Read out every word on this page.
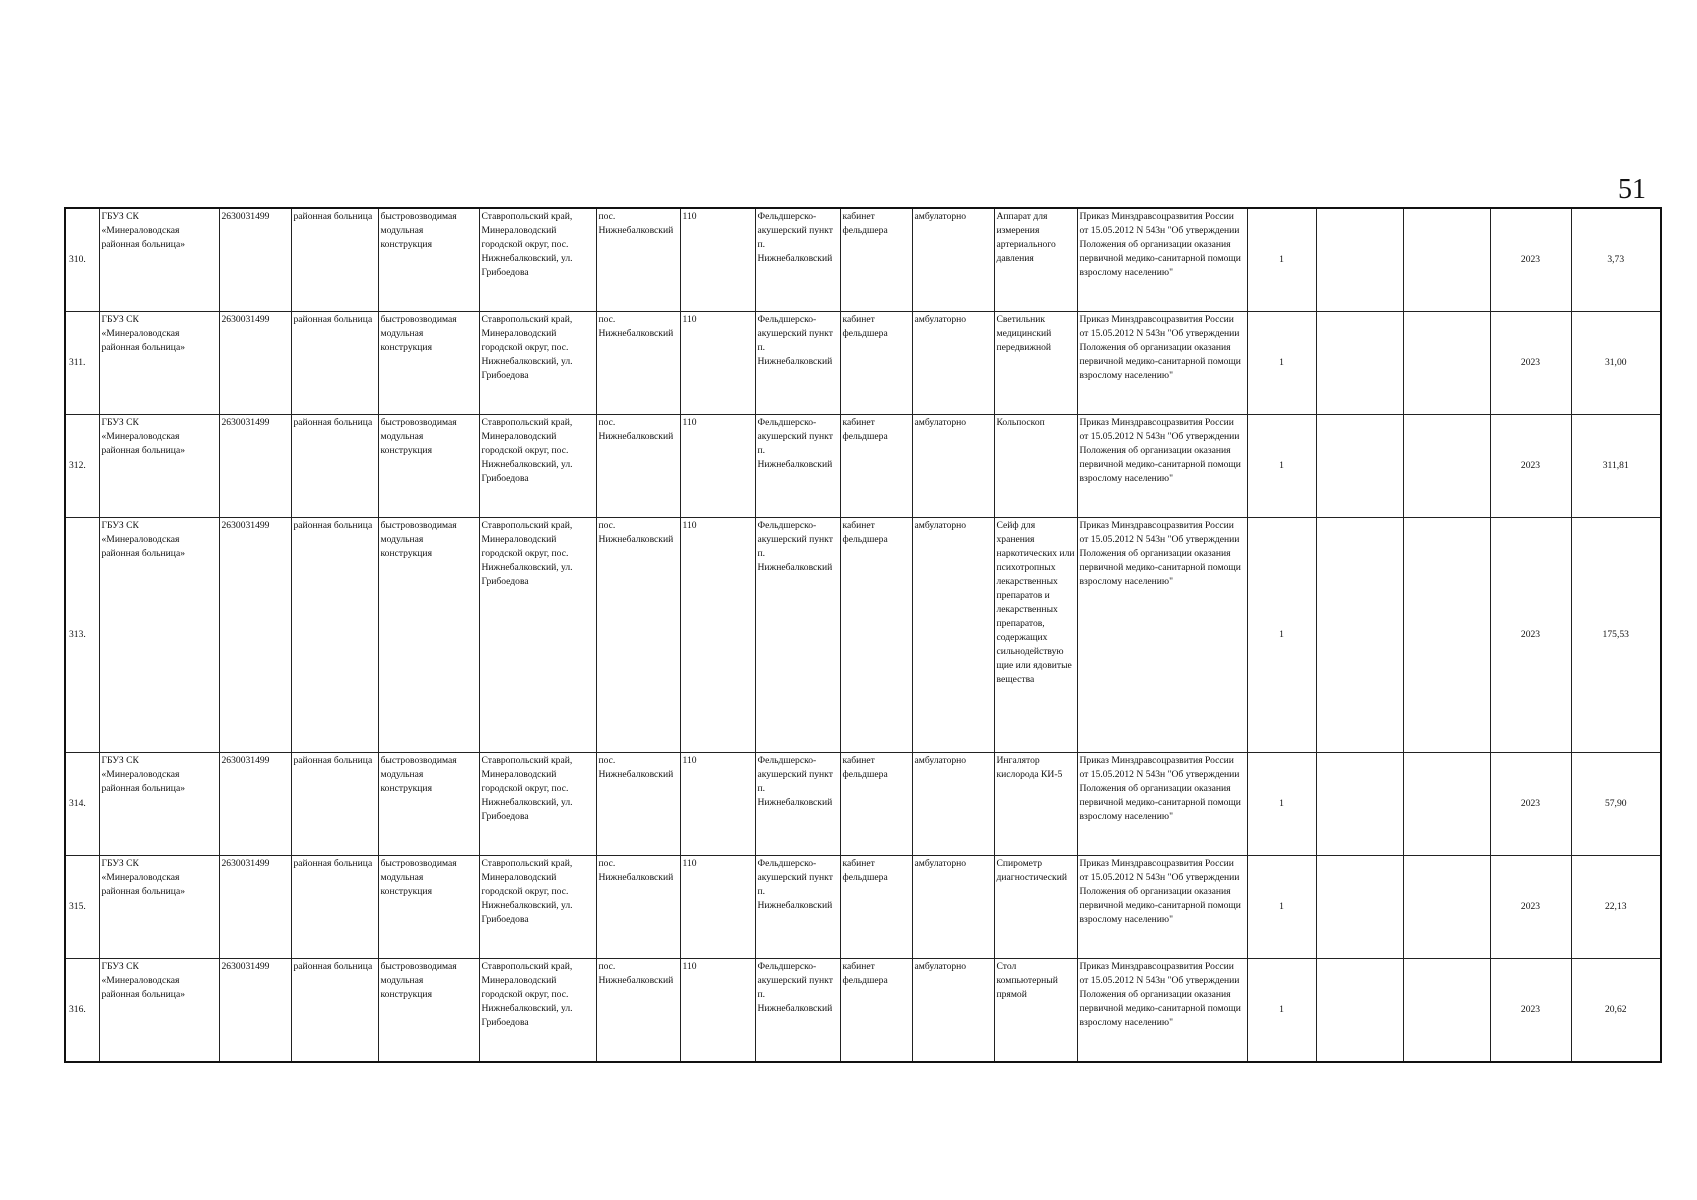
51
310.	ГБУЗ СК «Минераловодская районная больница»	2630031499	районная больница	быстровозводимая модульная конструкция	Ставропольский край, Минераловодский городской округ, пос. Нижнебалковский, ул. Грибоедова	пос. Нижнебалковский	110	Фельдшерско-акушерский пункт п. Нижнебалковский	кабинет фельдшера	амбулаторно	Аппарат для измерения артериального давления	Приказ Минздравсоцразвития России от 15.05.2012 N 543н "Об утверждении Положения об организации оказания первичной медико-санитарной помощи взрослому населению"	1			2023	3,73
311.	ГБУЗ СК «Минераловодская районная больница»	2630031499	районная больница	быстровозводимая модульная конструкция	Ставропольский край, Минераловодский городской округ, пос. Нижнебалковский, ул. Грибоедова	пос. Нижнебалковский	110	Фельдшерско-акушерский пункт п. Нижнебалковский	кабинет фельдшера	амбулаторно	Светильник медицинский передвижной	Приказ Минздравсоцразвития России от 15.05.2012 N 543н "Об утверждении Положения об организации оказания первичной медико-санитарной помощи взрослому населению"	1			2023	31,00
312.	ГБУЗ СК «Минераловодская районная больница»	2630031499	районная больница	быстровозводимая модульная конструкция	Ставропольский край, Минераловодский городской округ, пос. Нижнебалковский, ул. Грибоедова	пос. Нижнебалковский	110	Фельдшерско-акушерский пункт п. Нижнебалковский	кабинет фельдшера	амбулаторно	Кольпоскоп	Приказ Минздравсоцразвития России от 15.05.2012 N 543н "Об утверждении Положения об организации оказания первичной медико-санитарной помощи взрослому населению"	1			2023	311,81
313.	ГБУЗ СК «Минераловодская районная больница»	2630031499	районная больница	быстровозводимая модульная конструкция	Ставропольский край, Минераловодский городской округ, пос. Нижнебалковский, ул. Грибоедова	пос. Нижнебалковский	110	Фельдшерско-акушерский пункт п. Нижнебалковский	кабинет фельдшера	амбулаторно	Сейф для хранения наркотических или психотропных лекарственных препаратов и лекарственных препаратов, содержащих сильнодействую щие или ядовитые вещества	Приказ Минздравсоцразвития России от 15.05.2012 N 543н "Об утверждении Положения об организации оказания первичной медико-санитарной помощи взрослому населению"	1			2023	175,53
314.	ГБУЗ СК «Минераловодская районная больница»	2630031499	районная больница	быстровозводимая модульная конструкция	Ставропольский край, Минераловодский городской округ, пос. Нижнебалковский, ул. Грибоедова	пос. Нижнебалковский	110	Фельдшерско-акушерский пункт п. Нижнебалковский	кабинет фельдшера	амбулаторно	Ингалятор кислорода КИ-5	Приказ Минздравсоцразвития России от 15.05.2012 N 543н "Об утверждении Положения об организации оказания первичной медико-санитарной помощи взрослому населению"	1			2023	57,90
315.	ГБУЗ СК «Минераловодская районная больница»	2630031499	районная больница	быстровозводимая модульная конструкция	Ставропольский край, Минераловодский городской округ, пос. Нижнебалковский, ул. Грибоедова	пос. Нижнебалковский	110	Фельдшерско-акушерский пункт п. Нижнебалковский	кабинет фельдшера	амбулаторно	Спирометр диагностический	Приказ Минздравсоцразвития России от 15.05.2012 N 543н "Об утверждении Положения об организации оказания первичной медико-санитарной помощи взрослому населению"	1			2023	22,13
316.	ГБУЗ СК «Минераловодская районная больница»	2630031499	районная больница	быстровозводимая модульная конструкция	Ставропольский край, Минераловодский городской округ, пос. Нижнебалковский, ул. Грибоедова	пос. Нижнебалковский	110	Фельдшерско-акушерский пункт п. Нижнебалковский	кабинет фельдшера	амбулаторно	Стол компьютерный прямой	Приказ Минздравсоцразвития России от 15.05.2012 N 543н "Об утверждении Положения об организации оказания первичной медико-санитарной помощи взрослому населению"	1			2023	20,62
